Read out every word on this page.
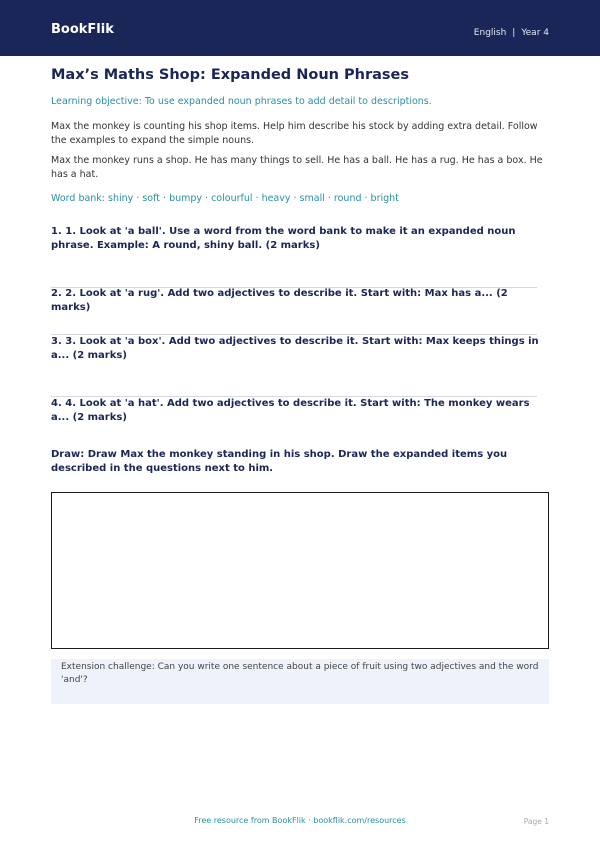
BookFlik	English | Year 4
Max’s Maths Shop: Expanded Noun Phrases

Learning objective: To use expanded noun phrases to add detail to descriptions.

Max the monkey is counting his shop items. Help him describe his stock by adding extra detail. Follow the examples to expand the simple nouns.

Max the monkey runs a shop. He has many things to sell. He has a ball. He has a rug. He has a box. He has a hat.

Word bank: shiny · soft · bumpy · colourful · heavy · small · round · bright

1. 1. Look at 'a ball'. Use a word from the word bank to make it an expanded noun phrase. Example: A round, shiny ball. (2 marks)

2. 2. Look at 'a rug'. Add two adjectives to describe it. Start with: Max has a... (2 marks)

3. 3. Look at 'a box'. Add two adjectives to describe it. Start with: Max keeps things in a... (2 marks)

4. 4. Look at 'a hat'. Add two adjectives to describe it. Start with: The monkey wears a... (2 marks)

Draw: Draw Max the monkey standing in his shop. Draw the expanded items you described in the questions next to him.

Extension challenge: Can you write one sentence about a piece of fruit using two adjectives and the word 'and'?
Free resource from BookFlik · bookflik.com/resources	Page 1
